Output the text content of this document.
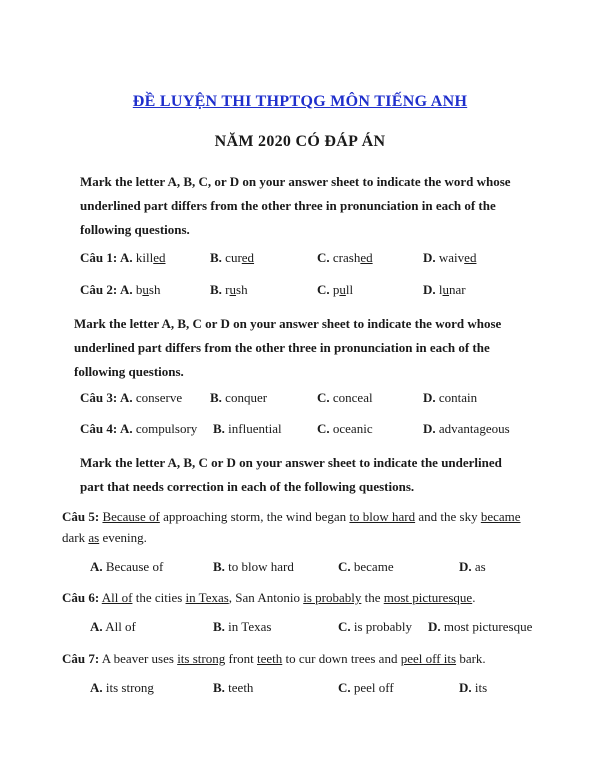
ĐỀ LUYỆN THI THPTQG MÔN TIẾNG ANH
NĂM 2020 CÓ ĐÁP ÁN
Mark the letter A, B, C, or D on your answer sheet to indicate the word whose
underlined part differs from the other three in pronunciation in each of the
following questions.
Câu 1: A. killed	B. cured	C. crashed	D. waived
Câu 2: A. bush	B. rush	C. pull	D. lunar
Mark the letter A, B, C or D on your answer sheet to indicate the word whose
underlined part differs from the other three in pronunciation in each of the
following questions.
Câu 3: A. conserve B. conquer	C. conceal	D. contain
Câu 4: A. compulsory B. influential	C. oceanic	D. advantageous
Mark the letter A, B, C or D on your answer sheet to indicate the underlined
part that needs correction in each of the following questions.
Câu 5: Because of approaching storm, the wind began to blow hard and the sky became
dark as evening.
A. Because of	B. to blow hard	C. became	D. as
Câu 6: All of the cities in Texas, San Antonio is probably the most picturesque.
A. All of	B. in Texas	C. is probably D. most picturesque
Câu 7: A beaver uses its strong front teeth to cur down trees and peel off its bark.
A. its strong	B. teeth	C. peel off	D. its
